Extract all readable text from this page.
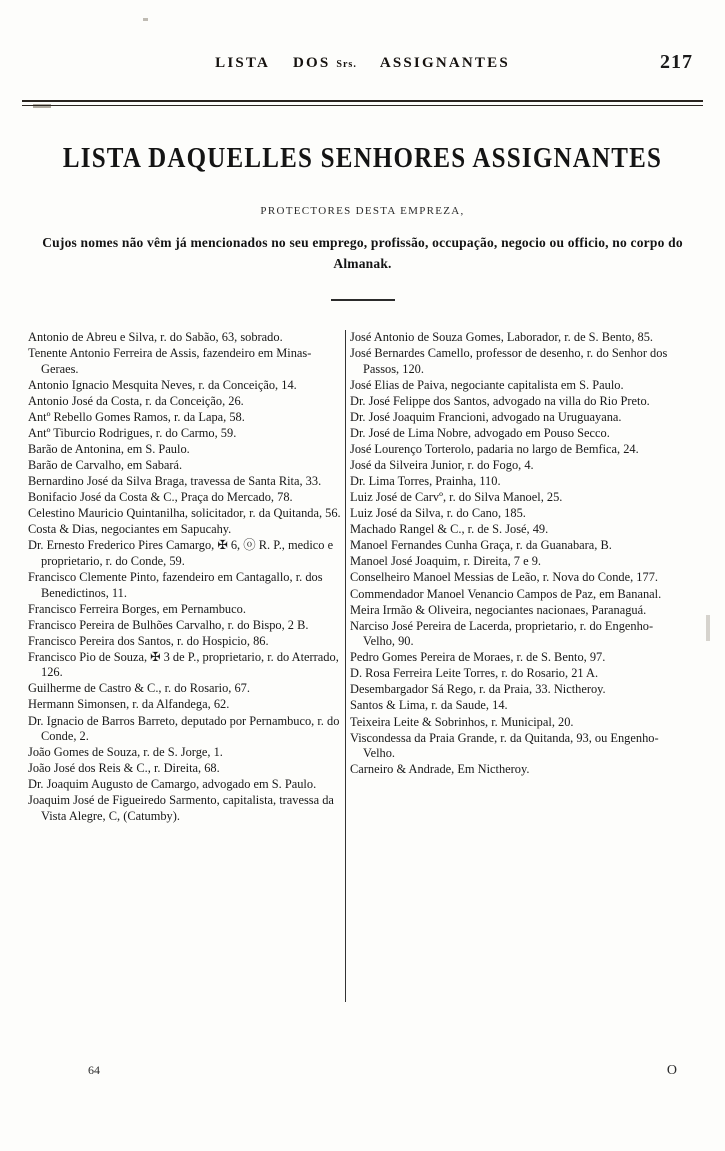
LISTA DOS Srs. ASSIGNANTES	217
LISTA DAQUELLES SENHORES ASSIGNANTES
PROTECTORES DESTA EMPREZA,
Cujos nomes não vêm já mencionados no seu emprego, profissão, occupação, negocio ou officio, no corpo do Almanak.

Antonio de Abreu e Silva, r. do Sabão, 63, sobrado.

Tenente Antonio Ferreira de Assis, fazendeiro em Minas-Geraes.

Antonio Ignacio Mesquita Neves, r. da Conceição, 14.

Antonio José da Costa, r. da Conceição, 26.

Antº Rebello Gomes Ramos, r. da Lapa, 58.

Antº Tiburcio Rodrigues, r. do Carmo, 59.

Barão de Antonina, em S. Paulo.

Barão de Carvalho, em Sabará.

Bernardino José da Silva Braga, travessa de Santa Rita, 33.

Bonifacio José da Costa & C., Praça do Mercado, 78.

Celestino Mauricio Quintanilha, solicitador, r. da Quitanda, 56.

Costa & Dias, negociantes em Sapucahy.

Dr. Ernesto Frederico Pires Camargo, ✠ 6, ⓞ R. P., medico e proprietario, r. do Conde, 59.

Francisco Clemente Pinto, fazendeiro em Cantagallo, r. dos Benedictinos, 11.

Francisco Ferreira Borges, em Pernambuco.

Francisco Pereira de Bulhões Carvalho, r. do Bispo, 2 B.

Francisco Pereira dos Santos, r. do Hospicio, 86.

Francisco Pio de Souza, ✠ 3 de P., proprietario, r. do Aterrado, 126.

Guilherme de Castro & C., r. do Rosario, 67.

Hermann Simonsen, r. da Alfandega, 62.

Dr. Ignacio de Barros Barreto, deputado por Pernambuco, r. do Conde, 2.

João Gomes de Souza, r. de S. Jorge, 1.

João José dos Reis & C., r. Direita, 68.

Dr. Joaquim Augusto de Camargo, advogado em S. Paulo.

Joaquim José de Figueiredo Sarmento, capitalista, travessa da Vista Alegre, C, (Catumby).

José Antonio de Souza Gomes, Laborador, r. de S. Bento, 85.

José Bernardes Camello, professor de desenho, r. do Senhor dos Passos, 120.

José Elias de Paiva, negociante capitalista em S. Paulo.

Dr. José Felippe dos Santos, advogado na villa do Rio Preto.

Dr. José Joaquim Francioni, advogado na Uruguayana.

Dr. José de Lima Nobre, advogado em Pouso Secco.

José Lourenço Torterolo, padaria no largo de Bemfica, 24.

José da Silveira Junior, r. do Fogo, 4.

Dr. Lima Torres, Prainha, 110.

Luiz José de Carvº, r. do Silva Manoel, 25.

Luiz José da Silva, r. do Cano, 185.

Machado Rangel & C., r. de S. José, 49.

Manoel Fernandes Cunha Graça, r. da Guanabara, B.

Manoel José Joaquim, r. Direita, 7 e 9.

Conselheiro Manoel Messias de Leão, r. Nova do Conde, 177.

Commendador Manoel Venancio Campos de Paz, em Bananal.

Meira Irmão & Oliveira, negociantes nacionaes, Paranaguá.

Narciso José Pereira de Lacerda, proprietario, r. do Engenho-Velho, 90.

Pedro Gomes Pereira de Moraes, r. de S. Bento, 97.

D. Rosa Ferreira Leite Torres, r. do Rosario, 21 A.

Desembargador Sá Rego, r. da Praia, 33. Nictheroy.

Santos & Lima, r. da Saude, 14.

Teixeira Leite & Sobrinhos, r. Municipal, 20.

Viscondessa da Praia Grande, r. da Quitanda, 93, ou Engenho-Velho.

Carneiro & Andrade, Em Nictheroy.

64	O
